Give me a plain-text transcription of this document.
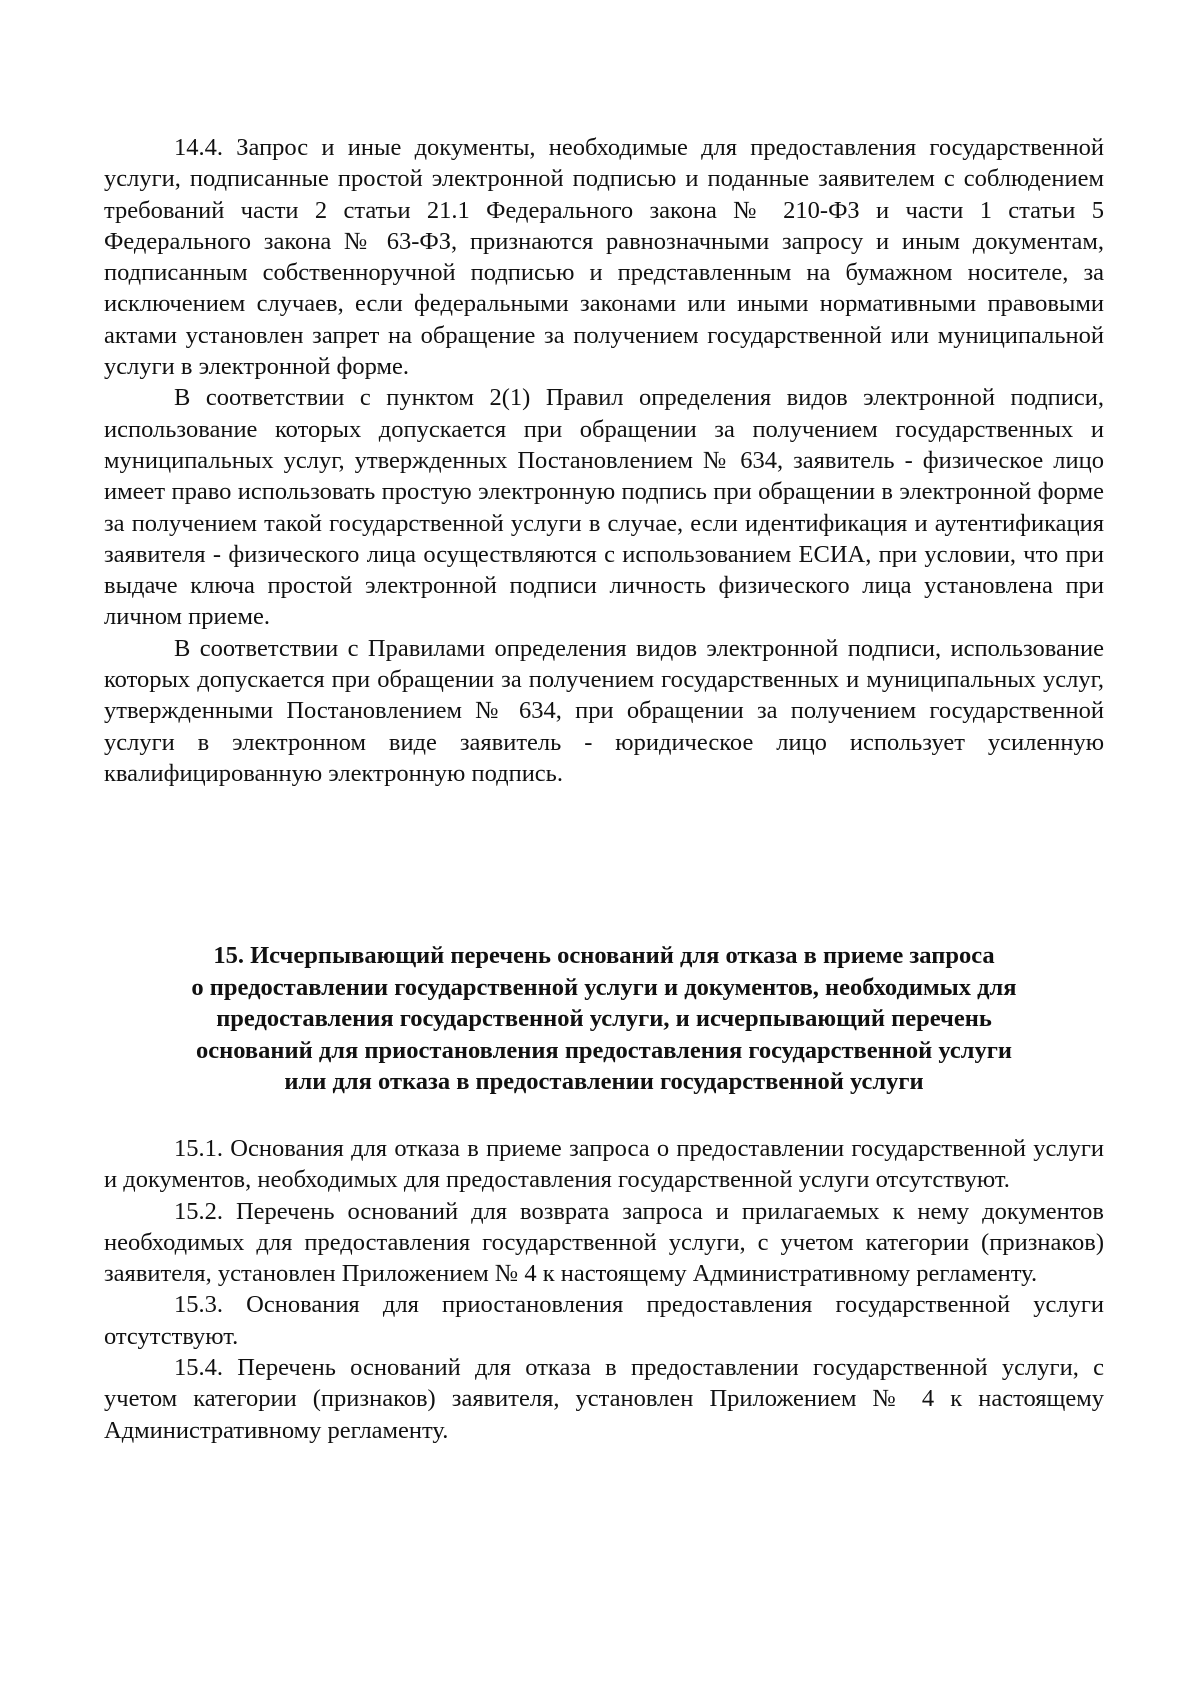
14.4. Запрос и иные документы, необходимые для предоставления государственной услуги, подписанные простой электронной подписью и поданные заявителем с соблюдением требований части 2 статьи 21.1 Федерального закона № 210-ФЗ и части 1 статьи 5 Федерального закона № 63-ФЗ, признаются равнозначными запросу и иным документам, подписанным собственноручной подписью и представленным на бумажном носителе, за исключением случаев, если федеральными законами или иными нормативными правовыми актами установлен запрет на обращение за получением государственной или муниципальной услуги в электронной форме.

В соответствии с пунктом 2(1) Правил определения видов электронной подписи, использование которых допускается при обращении за получением государственных и муниципальных услуг, утвержденных Постановлением № 634, заявитель - физическое лицо имеет право использовать простую электронную подпись при обращении в электронной форме за получением такой государственной услуги в случае, если идентификация и аутентификация заявителя - физического лица осуществляются с использованием ЕСИА, при условии, что при выдаче ключа простой электронной подписи личность физического лица установлена при личном приеме.

В соответствии с Правилами определения видов электронной подписи, использование которых допускается при обращении за получением государственных и муниципальных услуг, утвержденными Постановлением № 634, при обращении за получением государственной услуги в электронном виде заявитель - юридическое лицо использует усиленную квалифицированную электронную подпись.

15. Исчерпывающий перечень оснований для отказа в приеме запроса
о предоставлении государственной услуги и документов, необходимых для
предоставления государственной услуги, и исчерпывающий перечень
оснований для приостановления предоставления государственной услуги
или для отказа в предоставлении государственной услуги

15.1. Основания для отказа в приеме запроса о предоставлении государственной услуги и документов, необходимых для предоставления государственной услуги отсутствуют.

15.2. Перечень оснований для возврата запроса и прилагаемых к нему документов необходимых для предоставления государственной услуги, с учетом категории (признаков) заявителя, установлен Приложением № 4 к настоящему Административному регламенту.

15.3. Основания для приостановления предоставления государственной услуги отсутствуют.

15.4. Перечень оснований для отказа в предоставлении государственной услуги, с учетом категории (признаков) заявителя, установлен Приложением № 4 к настоящему Административному регламенту.
